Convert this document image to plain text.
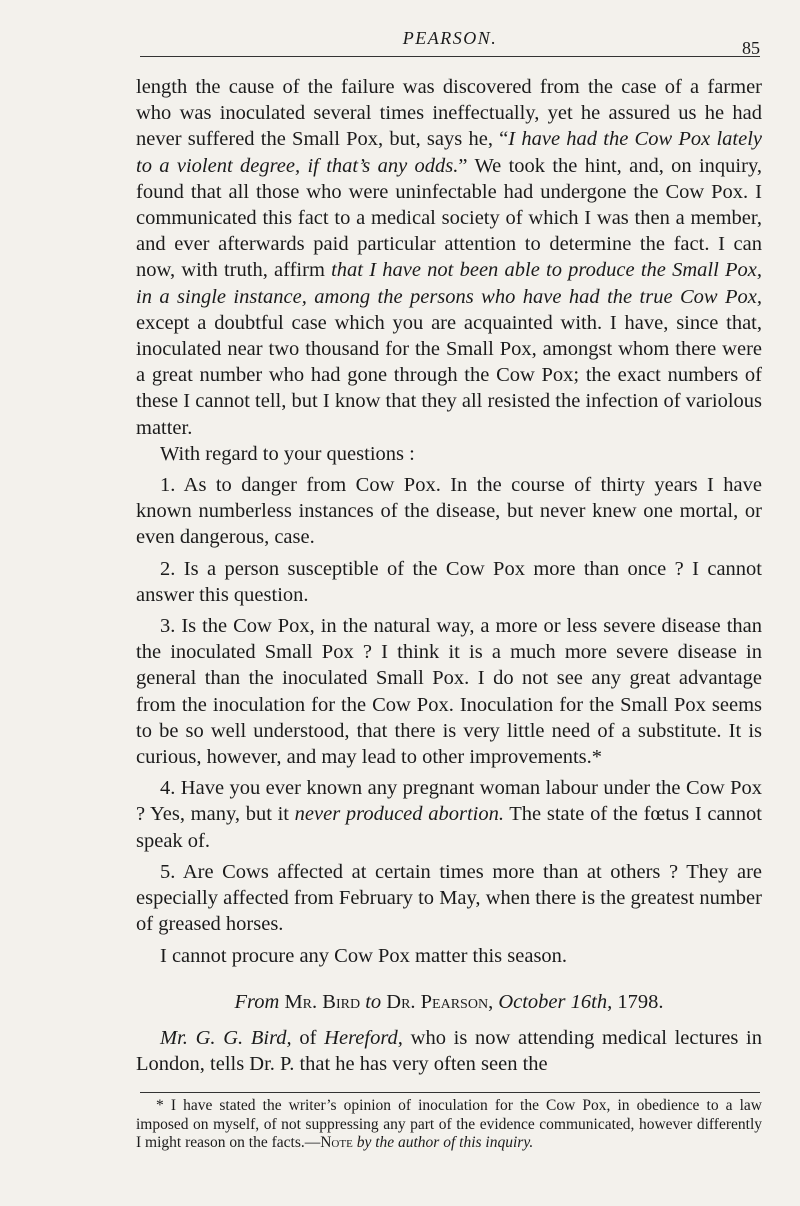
PEARSON.	85

length the cause of the failure was discovered from the case of a farmer who was inoculated several times ineffectually, yet he assured us he had never suffered the Small Pox, but, says he, “I have had the Cow Pox lately to a violent degree, if that’s any odds.” We took the hint, and, on inquiry, found that all those who were uninfectable had undergone the Cow Pox. I communicated this fact to a medical society of which I was then a member, and ever afterwards paid particular attention to determine the fact. I can now, with truth, affirm that I have not been able to produce the Small Pox, in a single instance, among the persons who have had the true Cow Pox, except a doubtful case which you are acquainted with. I have, since that, inoculated near two thousand for the Small Pox, amongst whom there were a great number who had gone through the Cow Pox; the exact numbers of these I cannot tell, but I know that they all resisted the infection of variolous matter.

With regard to your questions :

1. As to danger from Cow Pox. In the course of thirty years I have known numberless instances of the disease, but never knew one mortal, or even dangerous, case.

2. Is a person susceptible of the Cow Pox more than once ? I cannot answer this question.

3. Is the Cow Pox, in the natural way, a more or less severe disease than the inoculated Small Pox ? I think it is a much more severe disease in general than the inoculated Small Pox. I do not see any great advantage from the inoculation for the Cow Pox. Inoculation for the Small Pox seems to be so well understood, that there is very little need of a substitute. It is curious, however, and may lead to other improvements.*

4. Have you ever known any pregnant woman labour under the Cow Pox ? Yes, many, but it never produced abortion. The state of the fœtus I cannot speak of.

5. Are Cows affected at certain times more than at others ? They are especially affected from February to May, when there is the greatest number of greased horses.

I cannot procure any Cow Pox matter this season.

From Mr. Bird to Dr. Pearson, October 16th, 1798.

Mr. G. G. Bird, of Hereford, who is now attending medical lectures in London, tells Dr. P. that he has very often seen the

* I have stated the writer’s opinion of inoculation for the Cow Pox, in obedience to a law imposed on myself, of not suppressing any part of the evidence communicated, however differently I might reason on the facts.—Note by the author of this inquiry.
